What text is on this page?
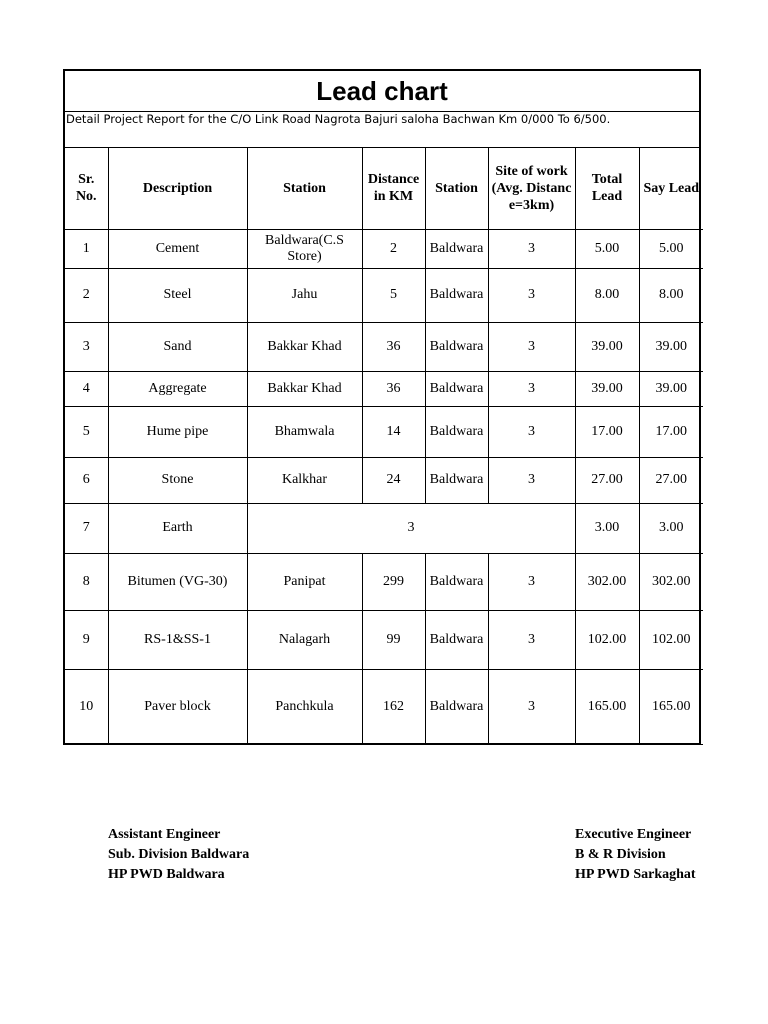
Lead chart
Detail Project Report for the C/O Link Road Nagrota Bajuri saloha Bachwan Km 0/000 To 6/500.
Sr. No.	Description	Station	Distance in KM	Station	Site of work (Avg. Distance=3km)	Total Lead	Say Lead
1	Cement	Baldwara(C.S Store)	2	Baldwara	3	5.00	5.00
2	Steel	Jahu	5	Baldwara	3	8.00	8.00
3	Sand	Bakkar Khad	36	Baldwara	3	39.00	39.00
4	Aggregate	Bakkar Khad	36	Baldwara	3	39.00	39.00
5	Hume pipe	Bhamwala	14	Baldwara	3	17.00	17.00
6	Stone	Kalkhar	24	Baldwara	3	27.00	27.00
7	Earth	3				3.00	3.00
8	Bitumen (VG-30)	Panipat	299	Baldwara	3	302.00	302.00
9	RS-1&SS-1	Nalagarh	99	Baldwara	3	102.00	102.00
10	Paver block	Panchkula	162	Baldwara	3	165.00	165.00
Assistant Engineer
Sub. Division Baldwara
HP PWD Baldwara
Executive Engineer
B & R Division
HP PWD Sarkaghat
